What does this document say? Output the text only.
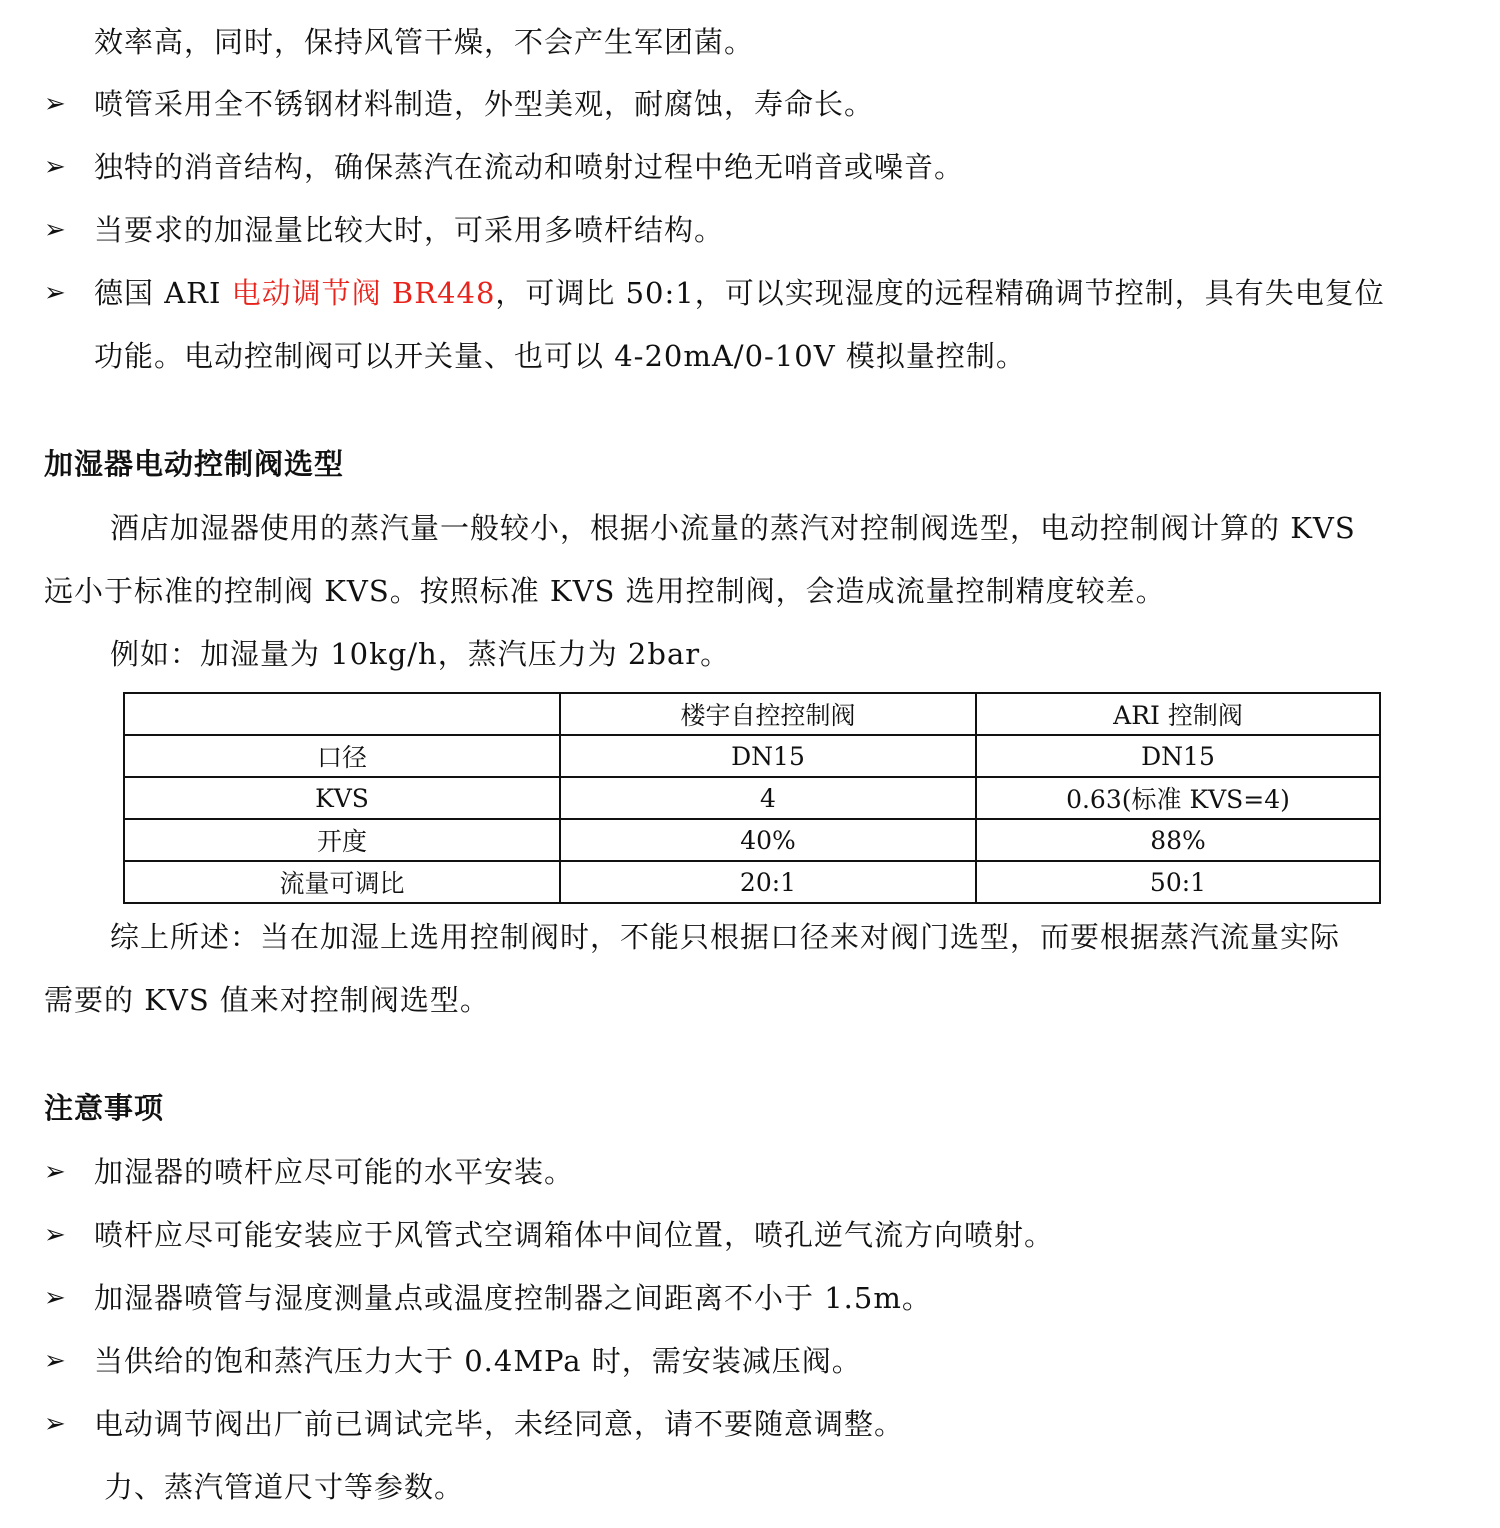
效率高，同时，保持风管干燥，不会产生军团菌。
➢ 喷管采用全不锈钢材料制造，外型美观，耐腐蚀，寿命长。
➢ 独特的消音结构，确保蒸汽在流动和喷射过程中绝无哨音或噪音。
➢ 当要求的加湿量比较大时，可采用多喷杆结构。
➢ 德国 ARI 电动调节阀 BR448，可调比 50:1，可以实现湿度的远程精确调节控制，具有失电复位
功能。电动控制阀可以开关量、也可以 4-20mA/0-10V 模拟量控制。
加湿器电动控制阀选型
酒店加湿器使用的蒸汽量一般较小，根据小流量的蒸汽对控制阀选型，电动控制阀计算的 KVS
远小于标准的控制阀 KVS。按照标准 KVS 选用控制阀，会造成流量控制精度较差。
例如：加湿量为 10kg/h，蒸汽压力为 2bar。
	楼宇自控控制阀	ARI 控制阀
口径	DN15	DN15
KVS	4	0.63(标准 KVS=4)
开度	40%	88%
流量可调比	20:1	50:1
综上所述：当在加湿上选用控制阀时，不能只根据口径来对阀门选型，而要根据蒸汽流量实际
需要的 KVS 值来对控制阀选型。
注意事项
➢ 加湿器的喷杆应尽可能的水平安装。
➢ 喷杆应尽可能安装应于风管式空调箱体中间位置，喷孔逆气流方向喷射。
➢ 加湿器喷管与湿度测量点或温度控制器之间距离不小于 1.5m。
➢ 当供给的饱和蒸汽压力大于 0.4MPa 时，需安装减压阀。
➢ 电动调节阀出厂前已调试完毕，未经同意，请不要随意调整。
力、蒸汽管道尺寸等参数。
